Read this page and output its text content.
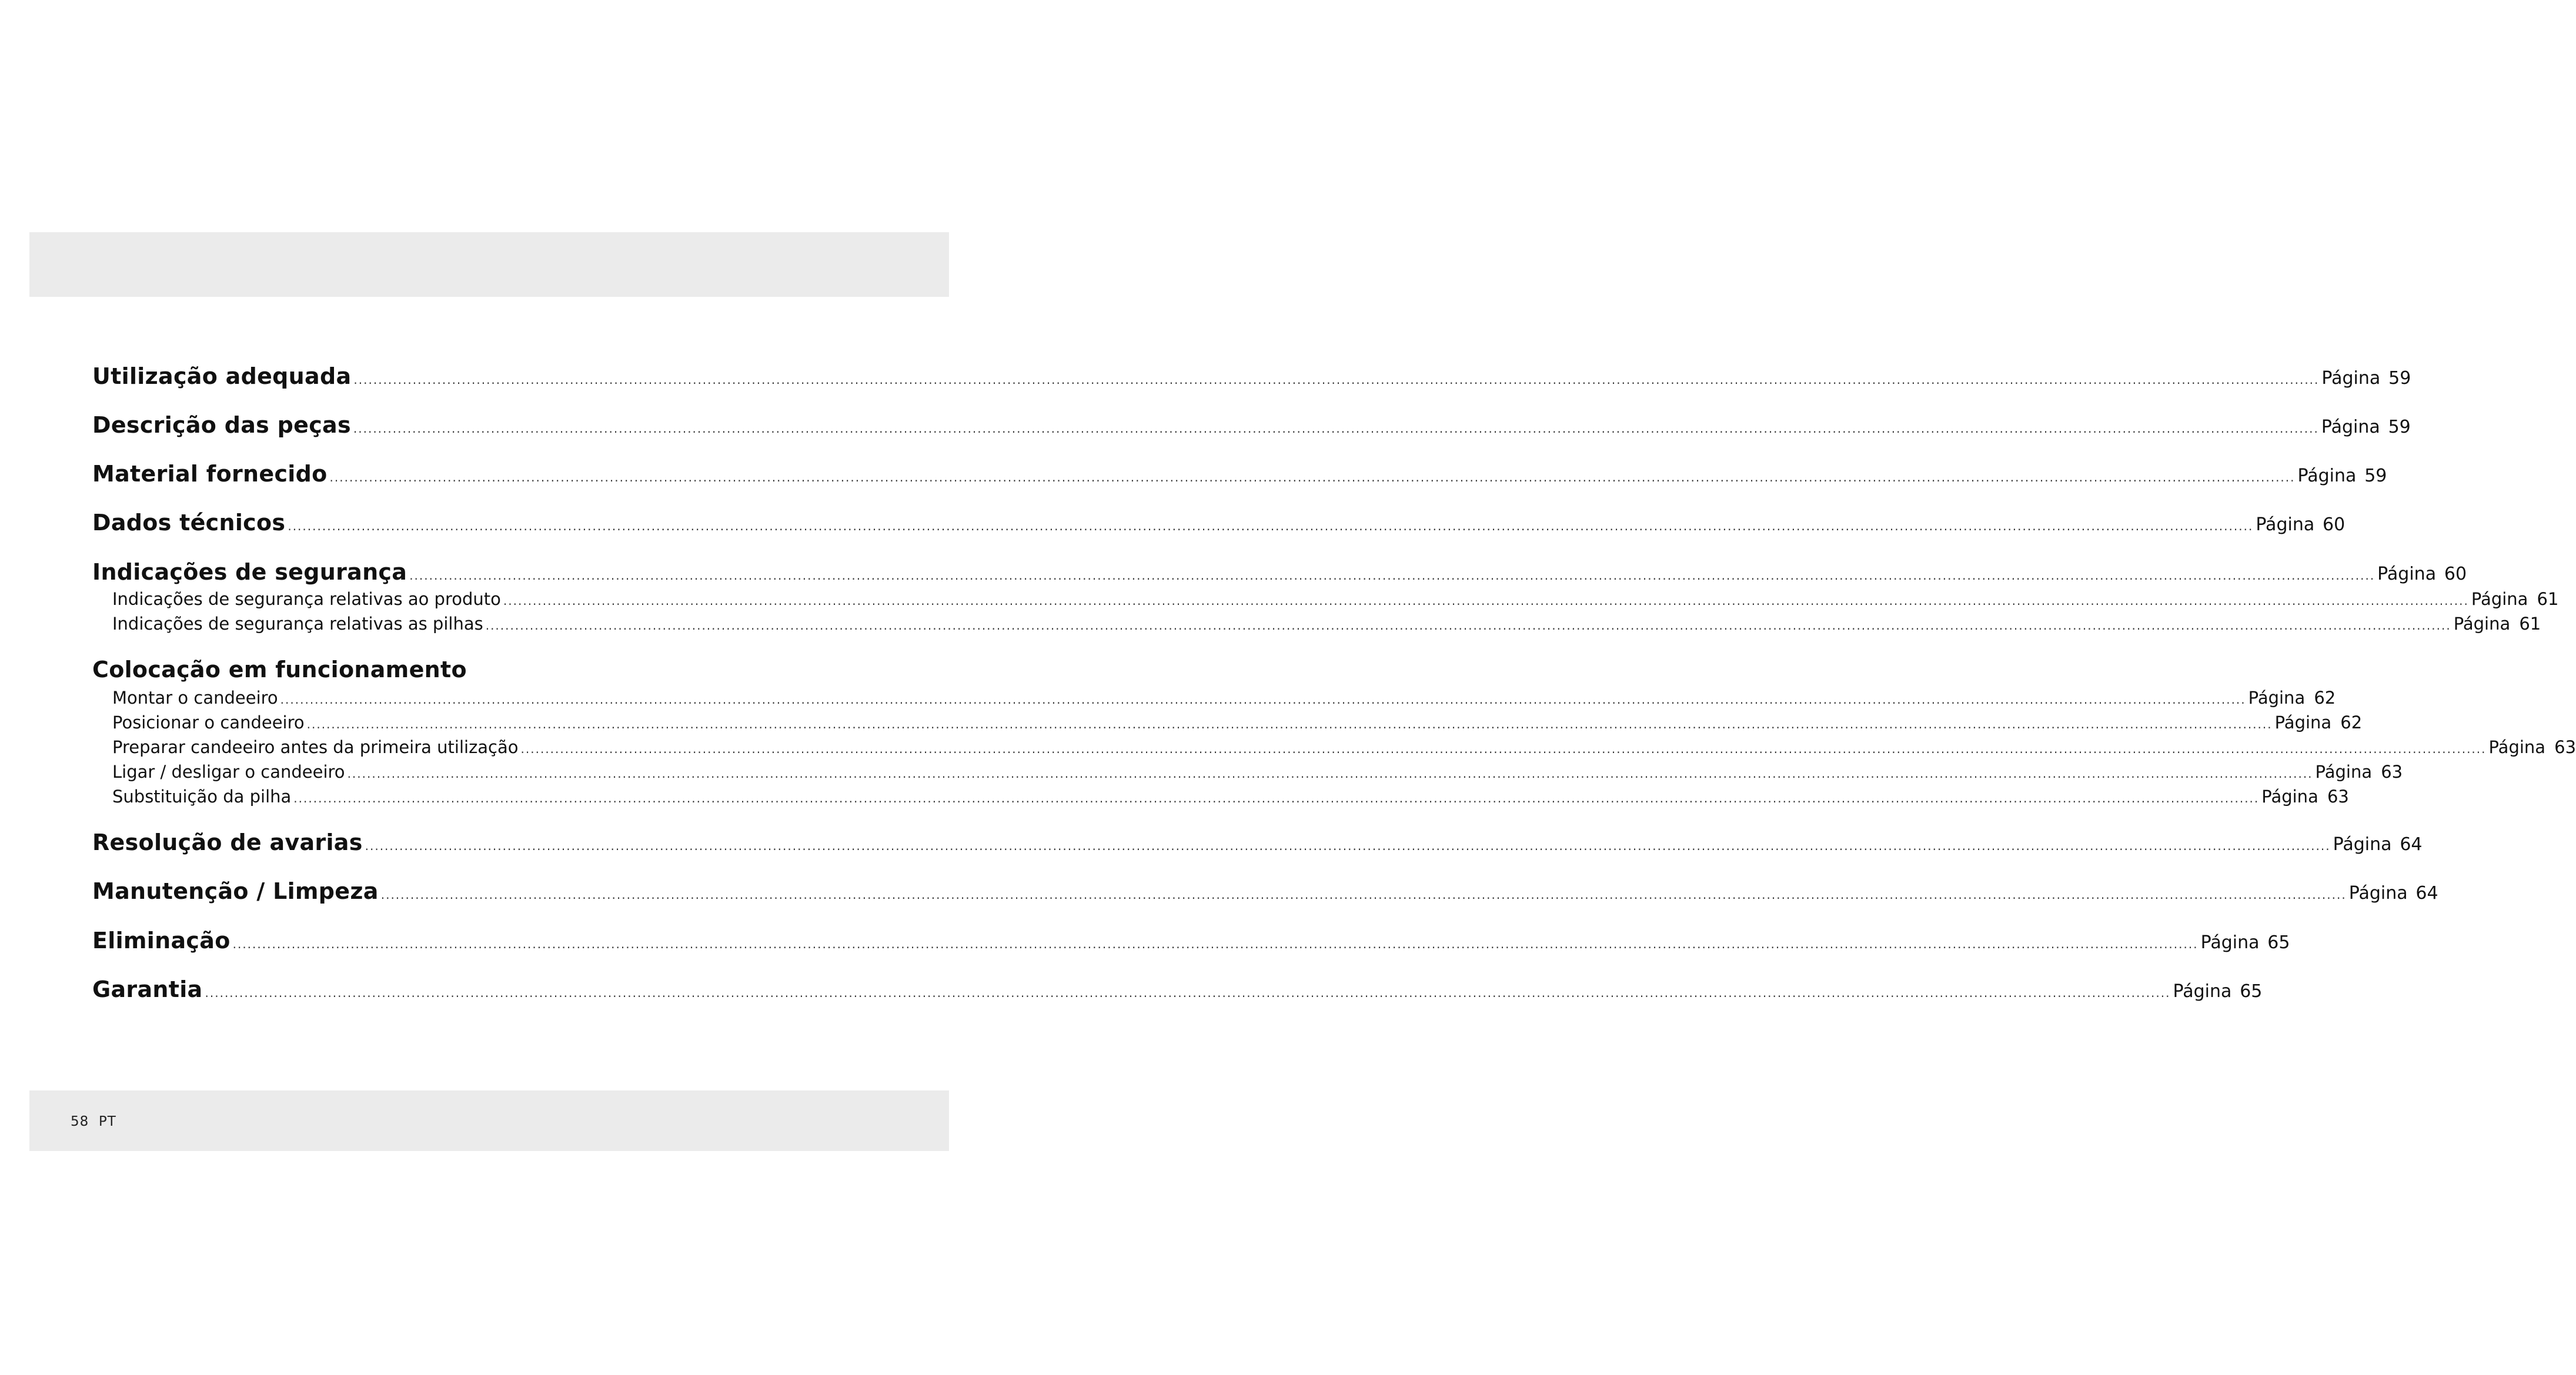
Utilização adequada ................................................................................................................................................................................................................................................................................................................................................................................................................ Página 59
Descrição das peças ................................................................................................................................................................................................................................................................................................................................................................................................................ Página 59
Material fornecido ................................................................................................................................................................................................................................................................................................................................................................................................................ Página 59
Dados técnicos ................................................................................................................................................................................................................................................................................................................................................................................................................ Página 60
Indicações de segurança ................................................................................................................................................................................................................................................................................................................................................................................................................ Página 60
Indicações de segurança relativas ao produto ................................................................................................................................................................................................................................................................................................................................................................................................................ Página 61
Indicações de segurança relativas as pilhas ................................................................................................................................................................................................................................................................................................................................................................................................................ Página 61
Colocação em funcionamento
Montar o candeeiro ................................................................................................................................................................................................................................................................................................................................................................................................................ Página 62
Posicionar o candeeiro ................................................................................................................................................................................................................................................................................................................................................................................................................ Página 62
Preparar candeeiro antes da primeira utilização ................................................................................................................................................................................................................................................................................................................................................................................................................ Página 63
Ligar / desligar o candeeiro ................................................................................................................................................................................................................................................................................................................................................................................................................ Página 63
Substituição da pilha ................................................................................................................................................................................................................................................................................................................................................................................................................ Página 63
Resolução de avarias ................................................................................................................................................................................................................................................................................................................................................................................................................ Página 64
Manutenção / Limpeza ................................................................................................................................................................................................................................................................................................................................................................................................................ Página 64
Eliminação ................................................................................................................................................................................................................................................................................................................................................................................................................ Página 65
Garantia ................................................................................................................................................................................................................................................................................................................................................................................................................ Página 65
58 PT
